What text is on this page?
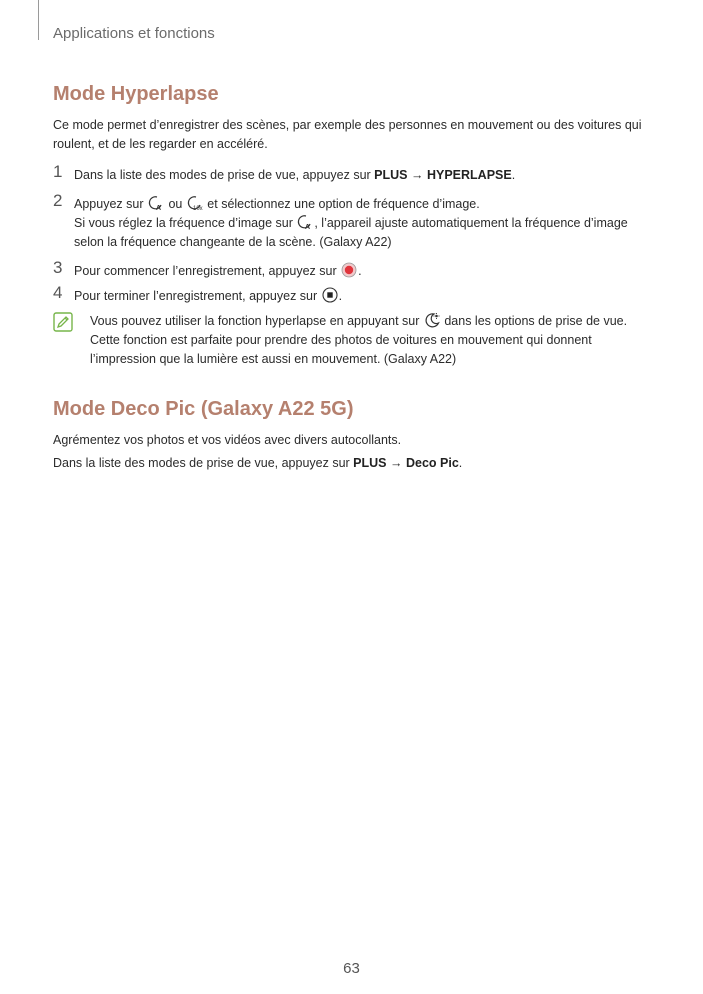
Applications et fonctions
Mode Hyperlapse

Ce mode permet d’enregistrer des scènes, par exemple des personnes en mouvement ou des voitures qui roulent, et de les regarder en accéléré.

1 Dans la liste des modes de prise de vue, appuyez sur PLUS → HYPERLAPSE.
2 Appuyez sur A ou 10x et sélectionnez une option de fréquence d’image.
Si vous réglez la fréquence d’image sur A , l’appareil ajuste automatiquement la fréquence d’image selon la fréquence changeante de la scène. (Galaxy A22)
3 Pour commencer l’enregistrement, appuyez sur .
4 Pour terminer l’enregistrement, appuyez sur .
Vous pouvez utiliser la fonction hyperlapse en appuyant sur  dans les options de prise de vue. Cette fonction est parfaite pour prendre des photos de voitures en mouvement qui donnent l’impression que la lumière est aussi en mouvement. (Galaxy A22)
Mode Deco Pic (Galaxy A22 5G)

Agrémentez vos photos et vos vidéos avec divers autocollants.

Dans la liste des modes de prise de vue, appuyez sur PLUS → Deco Pic.

63
